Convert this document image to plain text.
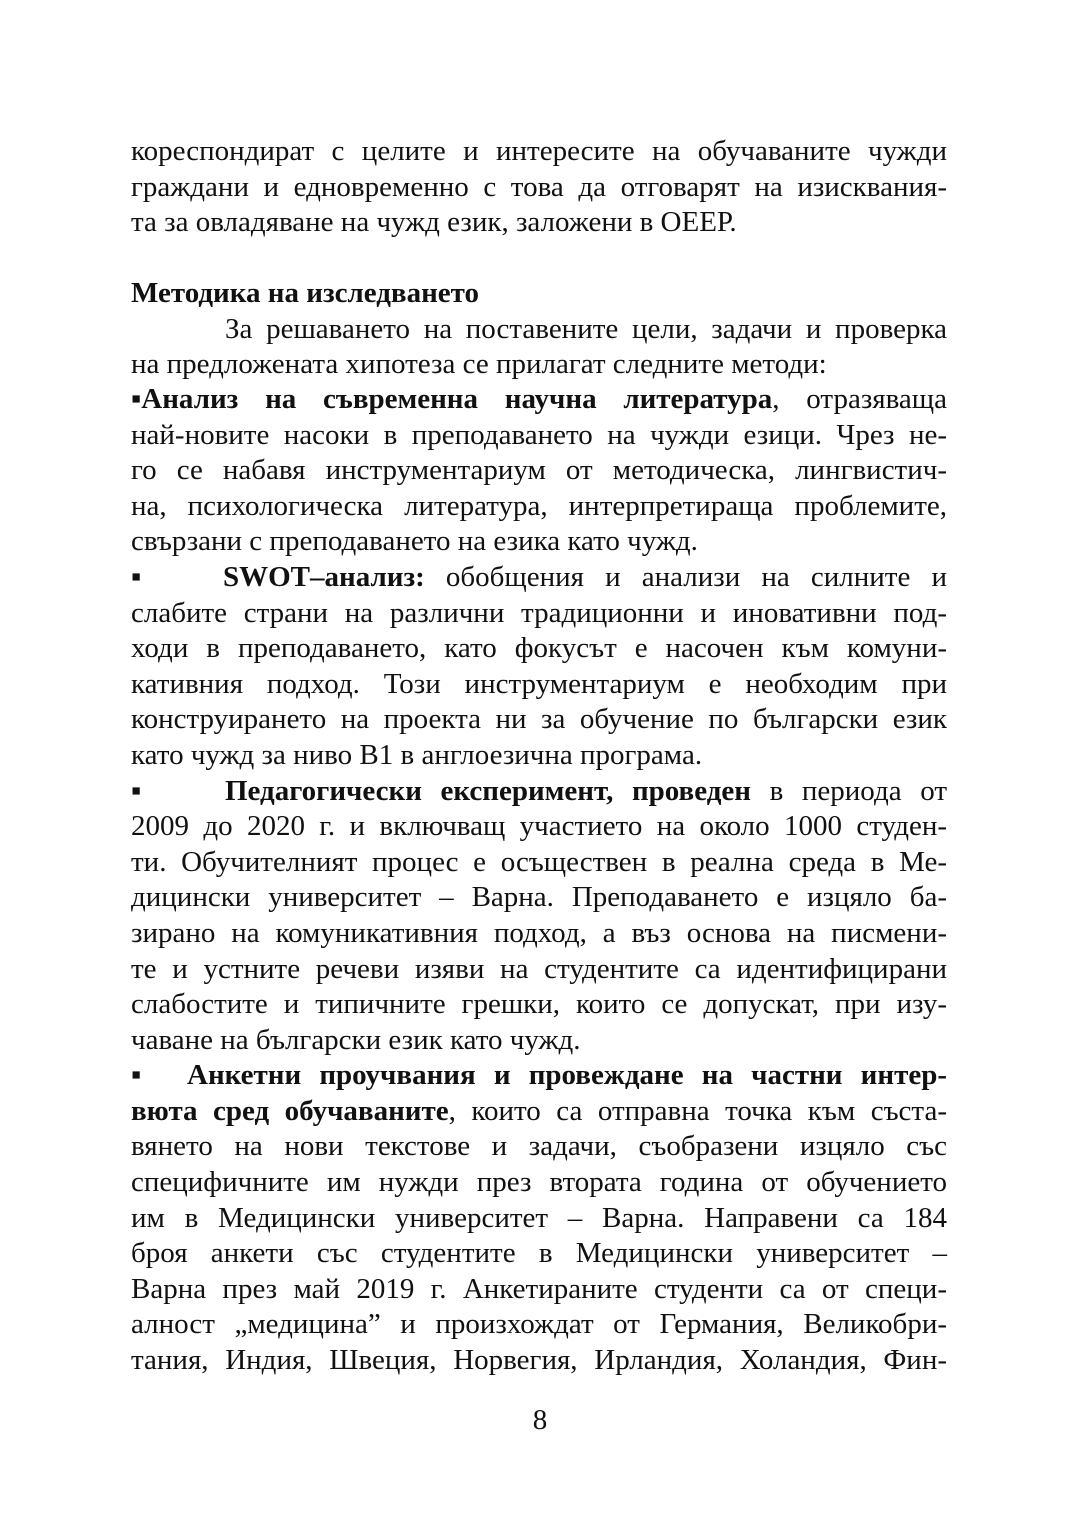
кореспондират с целите и интересите на обучаваните чужди
граждани и едновременно с това да отговарят на изисквания-
та за овладяване на чужд език, заложени в ОЕЕР.
Методика на изследването
За решаването на поставените цели, задачи и проверка
на предложената хипотеза се прилагат следните методи:
▪Анализ на съвременна научна литература, отразяваща
най-новите насоки в преподаването на чужди езици. Чрез не-
го се набавя инструментариум от методическа, лингвистич-
на, психологическа литература, интерпретираща проблемите,
свързани с преподаването на езика като чужд.
▪	SWOT–анализ: обобщения и анализи на силните и
слабите страни на различни традиционни и иновативни под-
ходи в преподаването, като фокусът е насочен към комуни-
кативния подход. Този инструментариум е необходим при
конструирането на проекта ни за обучение по български език
като чужд за ниво В1 в англоезична програма.
▪	Педагогически експеримент, проведен в периода от
2009 до 2020 г. и включващ участието на около 1000 студен-
ти. Обучителният процес е осъществен в реална среда в Ме-
дицински университет – Варна. Преподаването е изцяло ба-
зирано на комуникативния подход, а въз основа на писмени-
те и устните речеви изяви на студентите са идентифицирани
слабостите и типичните грешки, които се допускат, при изу-
чаване на български език като чужд.
▪ Анкетни проучвания и провеждане на частни интер-
вюта сред обучаваните, които са отправна точка към съста-
вянето на нови текстове и задачи, съобразени изцяло със
специфичните им нужди през втората година от обучението
им в Медицински университет – Варна. Направени са 184
броя анкети със студентите в Медицински университет –
Варна през май 2019 г. Анкетираните студенти са от специ-
алност „медицина” и произхождат от Германия, Великобри-
тания, Индия, Швеция, Норвегия, Ирландия, Холандия, Фин-
8
